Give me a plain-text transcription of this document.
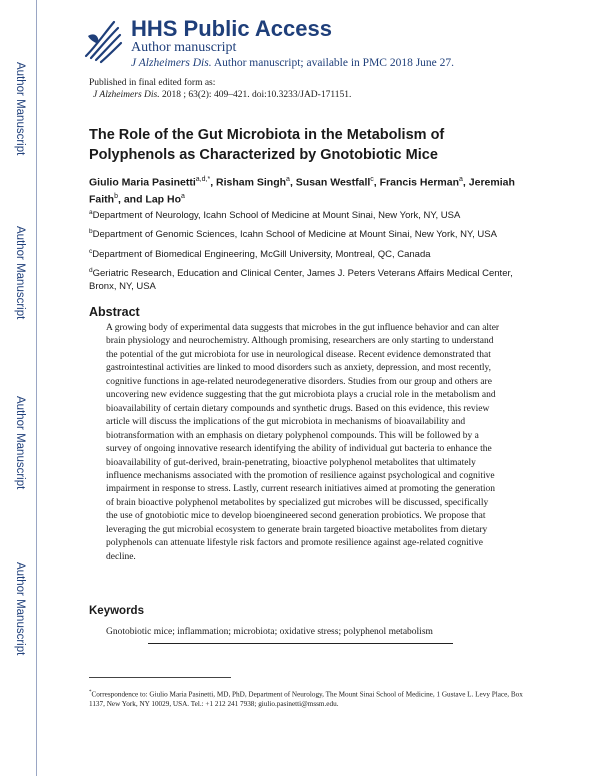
Author Manuscript
Author Manuscript
Author Manuscript
Author Manuscript
HHS Public Access
Author manuscript
J Alzheimers Dis. Author manuscript; available in PMC 2018 June 27.
Published in final edited form as:
J Alzheimers Dis. 2018 ; 63(2): 409–421. doi:10.3233/JAD-171151.
The Role of the Gut Microbiota in the Metabolism of Polyphenols as Characterized by Gnotobiotic Mice
Giulio Maria Pasinetti$^{a,d,*}$, Risham Singh$^a$, Susan Westfall$^c$, Francis Herman$^a$, Jeremiah Faith$^b$, and Lap Ho$^a$
$^a$Department of Neurology, Icahn School of Medicine at Mount Sinai, New York, NY, USA
$^b$Department of Genomic Sciences, Icahn School of Medicine at Mount Sinai, New York, NY, USA
$^c$Department of Biomedical Engineering, McGill University, Montreal, QC, Canada
$^d$Geriatric Research, Education and Clinical Center, James J. Peters Veterans Affairs Medical Center, Bronx, NY, USA
Abstract
A growing body of experimental data suggests that microbes in the gut influence behavior and can alter brain physiology and neurochemistry. Although promising, researchers are only starting to understand the potential of the gut microbiota for use in neurological disease. Recent evidence demonstrated that gastrointestinal activities are linked to mood disorders such as anxiety, depression, and most recently, cognitive functions in age-related neurodegenerative disorders. Studies from our group and others are uncovering new evidence suggesting that the gut microbiota plays a crucial role in the metabolism and bioavailability of certain dietary compounds and synthetic drugs. Based on this evidence, this review article will discuss the implications of the gut microbiota in mechanisms of bioavailability and biotransformation with an emphasis on dietary polyphenol compounds. This will be followed by a survey of ongoing innovative research identifying the ability of individual gut bacteria to enhance the bioavailability of gut-derived, brain-penetrating, bioactive polyphenol metabolites that ultimately influence mechanisms associated with the promotion of resilience against psychological and cognitive impairment in response to stress. Lastly, current research initiatives aimed at promoting the generation of brain bioactive polyphenol metabolites by specialized gut microbes will be discussed, specifically the use of gnotobiotic mice to develop bioengineered second generation probiotics. We propose that leveraging the gut microbial ecosystem to generate brain targeted bioactive metabolites from dietary polyphenols can attenuate lifestyle risk factors and promote resilience against age-related cognitive decline.
Keywords
Gnotobiotic mice; inflammation; microbiota; oxidative stress; polyphenol metabolism
*Correspondence to: Giulio Maria Pasinetti, MD, PhD, Department of Neurology, The Mount Sinai School of Medicine, 1 Gustave L. Levy Place, Box 1137, New York, NY 10029, USA. Tel.: +1 212 241 7938; giulio.pasinetti@mssm.edu.
